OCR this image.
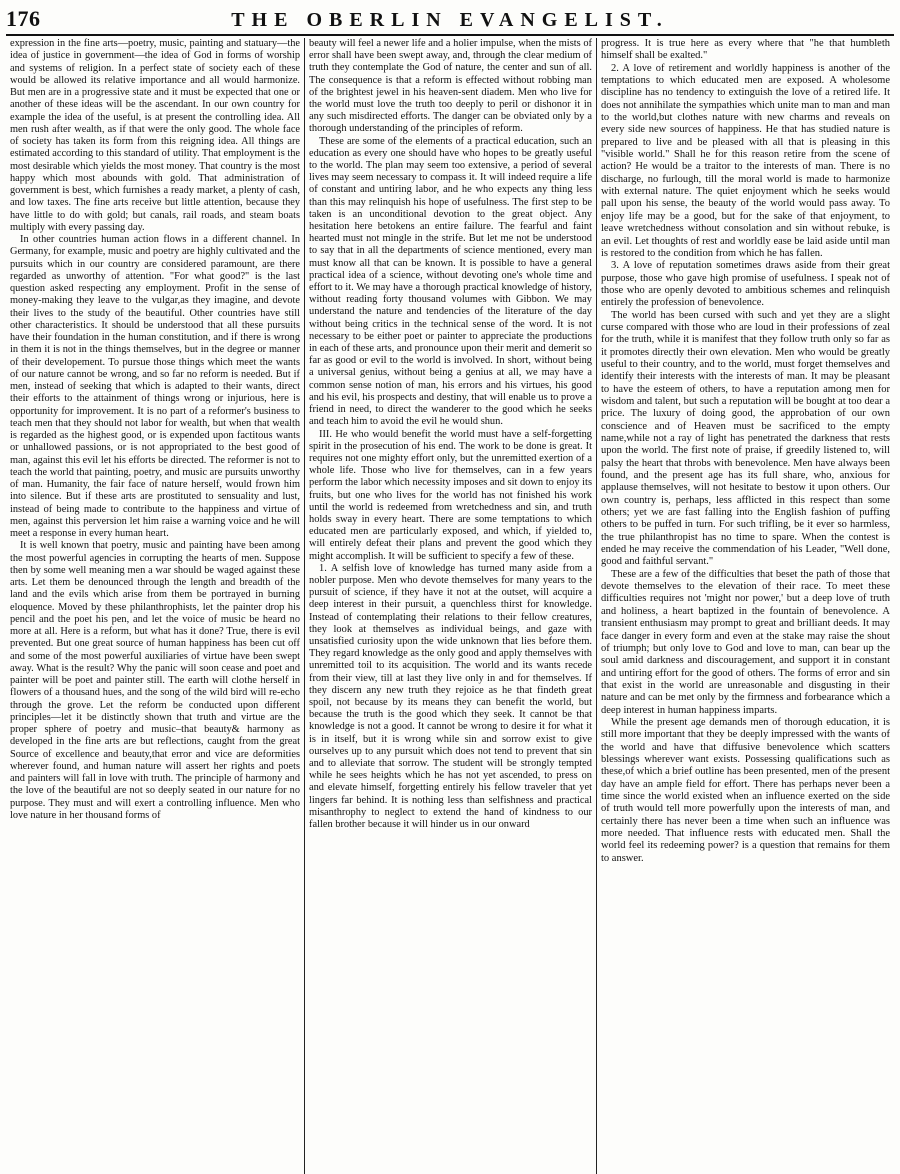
176	THE OBERLIN EVANGELIST.

expression in the fine arts—poetry, music, painting and statuary—the idea of justice in government—the idea of God in forms of worship and systems of religion. In a perfect state of society each of these would be allowed its relative importance and all would harmonize. But men are in a progressive state and it must be expected that one or another of these ideas will be the ascendant. In our own country for example the idea of the useful, is at present the controlling idea. All men rush after wealth, as if that were the only good. The whole face of society has taken its form from this reigning idea. All things are estimated according to this standard of utility. That employment is the most desirable which yields the most money. That country is the most happy which most abounds with gold. That administration of government is best, which furnishes a ready market, a plenty of cash, and low taxes. The fine arts receive but little attention, because they have little to do with gold; but canals, rail roads, and steam boats multiply with every passing day.

In other countries human action flows in a different channel. In Germany, for example, music and poetry are highly cultivated and the pursuits which in our country are considered paramount, are there regarded as unworthy of attention. "For what good?" is the last question asked respecting any employment. Profit in the sense of money-making they leave to the vulgar,as they imagine, and devote their lives to the study of the beautiful. Other countries have still other characteristics. It should be understood that all these pursuits have their foundation in the human constitution, and if there is wrong in them it is not in the things themselves, but in the degree or manner of their developement. To pursue those things which meet the wants of our nature cannot be wrong, and so far no reform is needed. But if men, instead of seeking that which is adapted to their wants, direct their efforts to the attainment of things wrong or injurious, here is opportunity for improvement. It is no part of a reformer's business to teach men that they should not labor for wealth, but when that wealth is regarded as the highest good, or is expended upon factitous wants or unhallowed passions, or is not appropriated to the best good of man, against this evil let his efforts be directed. The reformer is not to teach the world that painting, poetry, and music are pursuits unworthy of man. Humanity, the fair face of nature herself, would frown him into silence. But if these arts are prostituted to sensuality and lust, instead of being made to contribute to the happiness and virtue of men, against this perversion let him raise a warning voice and he will meet a response in every human heart.

It is well known that poetry, music and painting have been among the most powerful agencies in corrupting the hearts of men. Suppose then by some well meaning men a war should be waged against these arts. Let them be denounced through the length and breadth of the land and the evils which arise from them be portrayed in burning eloquence. Moved by these philanthrophists, let the painter drop his pencil and the poet his pen, and let the voice of music be heard no more at all. Here is a reform, but what has it done? True, there is evil prevented. But one great source of human happiness has been cut off and some of the most powerful auxiliaries of virtue have been swept away. What is the result? Why the panic will soon cease and poet and painter will be poet and painter still. The earth will clothe herself in flowers of a thousand hues, and the song of the wild bird will re-echo through the grove. Let the reform be conducted upon different principles—let it be distinctly shown that truth and virtue are the proper sphere of poetry and music–that beauty& harmony as developed in the fine arts are but reflections, caught from the great Source of excellence and beauty,that error and vice are deformities wherever found, and human nature will assert her rights and poets and painters will fall in love with truth. The principle of harmony and the love of the beautiful are not so deeply seated in our nature for no purpose. They must and will exert a controlling influence. Men who love nature in her thousand forms of

beauty will feel a newer life and a holier impulse, when the mists of error shall have been swept away, and, through the clear medium of truth they contemplate the God of nature, the center and sun of all. The consequence is that a reform is effected without robbing man of the brightest jewel in his heaven-sent diadem. Men who live for the world must love the truth too deeply to peril or dishonor it in any such misdirected efforts. The danger can be obviated only by a thorough understanding of the principles of reform.

These are some of the elements of a practical education, such an education as every one should have who hopes to be greatly useful to the world. The plan may seem too extensive, a period of several lives may seem necessary to compass it. It will indeed require a life of constant and untiring labor, and he who expects any thing less than this may relinquish his hope of usefulness. The first step to be taken is an unconditional devotion to the great object. Any hesitation here betokens an entire failure. The fearful and faint hearted must not mingle in the strife. But let me not be understood to say that in all the departments of science mentioned, every man must know all that can be known. It is possible to have a general practical idea of a science, without devoting one's whole time and effort to it. We may have a thorough practical knowledge of history, without reading forty thousand volumes with Gibbon. We may understand the nature and tendencies of the literature of the day without being critics in the technical sense of the word. It is not necessary to be either poet or painter to appreciate the productions in each of these arts, and pronounce upon their merit and demerit so far as good or evil to the world is involved. In short, without being a universal genius, without being a genius at all, we may have a common sense notion of man, his errors and his virtues, his good and his evil, his prospects and destiny, that will enable us to prove a friend in need, to direct the wanderer to the good which he seeks and teach him to avoid the evil he would shun.

III. He who would benefit the world must have a self-forgetting spirit in the prosecution of his end. The work to be done is great. It requires not one mighty effort only, but the unremitted exertion of a whole life. Those who live for themselves, can in a few years perform the labor which necessity imposes and sit down to enjoy its fruits, but one who lives for the world has not finished his work until the world is redeemed from wretchedness and sin, and truth holds sway in every heart. There are some temptations to which educated men are particularly exposed, and which, if yielded to, will entirely defeat their plans and prevent the good which they might accomplish. It will be sufficient to specify a few of these.

1. A selfish love of knowledge has turned many aside from a nobler purpose. Men who devote themselves for many years to the pursuit of science, if they have it not at the outset, will acquire a deep interest in their pursuit, a quenchless thirst for knowledge. Instead of contemplating their relations to their fellow creatures, they look at themselves as individual beings, and gaze with unsatisfied curiosity upon the wide unknown that lies before them. They regard knowledge as the only good and apply themselves with unremitted toil to its acquisition. The world and its wants recede from their view, till at last they live only in and for themselves. If they discern any new truth they rejoice as he that findeth great spoil, not because by its means they can benefit the world, but because the truth is the good which they seek. It cannot be that knowledge is not a good. It cannot be wrong to desire it for what it is in itself, but it is wrong while sin and sorrow exist to give ourselves up to any pursuit which does not tend to prevent that sin and to alleviate that sorrow. The student will be strongly tempted while he sees heights which he has not yet ascended, to press on and elevate himself, forgetting entirely his fellow traveler that yet lingers far behind. It is nothing less than selfishness and practical misanthrophy to neglect to extend the hand of kindness to our fallen brother because it will hinder us in our onward

progress. It is true here as every where that "he that humbleth himself shall be exalted."

2. A love of retirement and worldly happiness is another of the temptations to which educated men are exposed. A wholesome discipline has no tendency to extinguish the love of a retired life. It does not annihilate the sympathies which unite man to man and man to the world,but clothes nature with new charms and reveals on every side new sources of happiness. He that has studied nature is prepared to live and be pleased with all that is pleasing in this "visible world." Shall he for this reason retire from the scene of action? He would be a traitor to the interests of man. There is no discharge, no furlough, till the moral world is made to harmonize with external nature. The quiet enjoyment which he seeks would pall upon his sense, the beauty of the world would pass away. To enjoy life may be a good, but for the sake of that enjoyment, to leave wretchedness without consolation and sin without rebuke, is an evil. Let thoughts of rest and worldly ease be laid aside until man is restored to the condition from which he has fallen.

3. A love of reputation sometimes draws aside from their great purpose, those who gave high promise of usefulness. I speak not of those who are openly devoted to ambitious schemes and relinquish entirely the profession of benevolence.

The world has been cursed with such and yet they are a slight curse compared with those who are loud in their professions of zeal for the truth, while it is manifest that they follow truth only so far as it promotes directly their own elevation. Men who would be greatly useful to their country, and to the world, must forget themselves and identify their interests with the interests of man. It may be pleasant to have the esteem of others, to have a reputation among men for wisdom and talent, but such a reputation will be bought at too dear a price. The luxury of doing good, the approbation of our own conscience and of Heaven must be sacrificed to the empty name,while not a ray of light has penetrated the darkness that rests upon the world. The first note of praise, if greedily listened to, will palsy the heart that throbs with benevolence. Men have always been found, and the present age has its full share, who, anxious for applause themselves, will not hesitate to bestow it upon others. Our own country is, perhaps, less afflicted in this respect than some others; yet we are fast falling into the English fashion of puffing others to be puffed in turn. For such trifling, be it ever so harmless, the true philanthropist has no time to spare. When the contest is ended he may receive the commendation of his Leader, "Well done, good and faithful servant."

These are a few of the difficulties that beset the path of those that devote themselves to the elevation of their race. To meet these difficulties requires not 'might nor power,' but a deep love of truth and holiness, a heart baptized in the fountain of benevolence. A transient enthusiasm may prompt to great and brilliant deeds. It may face danger in every form and even at the stake may raise the shout of triumph; but only love to God and love to man, can bear up the soul amid darkness and discouragement, and support it in constant and untiring effort for the good of others. The forms of error and sin that exist in the world are unreasonable and disgusting in their nature and can be met only by the firmness and forbearance which a deep interest in human happiness imparts.

While the present age demands men of thorough education, it is still more important that they be deeply impressed with the wants of the world and have that diffusive benevolence which scatters blessings wherever want exists. Possessing qualifications such as these,of which a brief outline has been presented, men of the present day have an ample field for effort. There has perhaps never been a time since the world existed when an influence exerted on the side of truth would tell more powerfully upon the interests of man, and certainly there has never been a time when such an influence was more needed. That influence rests with educated men. Shall the world feel its redeeming power? is a question that remains for them to answer.
